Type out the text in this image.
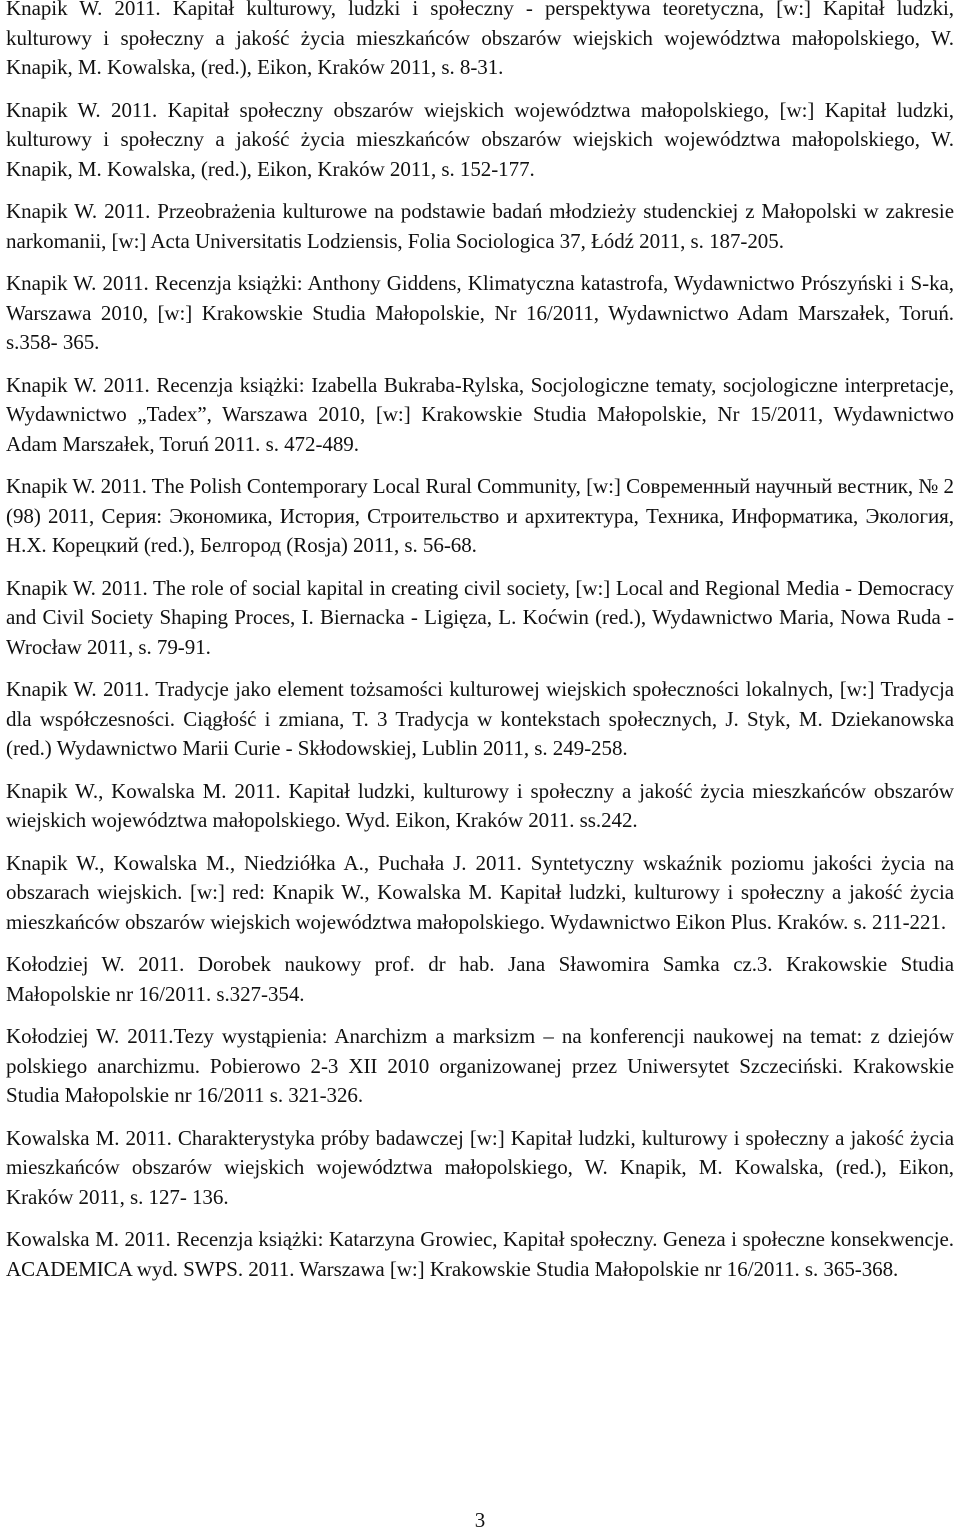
Knapik W. 2011. Kapitał kulturowy, ludzki i społeczny - perspektywa teoretyczna, [w:] Kapitał ludzki, kulturowy i społeczny a jakość życia mieszkańców obszarów wiejskich województwa małopolskiego, W. Knapik, M. Kowalska, (red.), Eikon, Kraków 2011, s. 8-31.
Knapik W. 2011. Kapitał społeczny obszarów wiejskich województwa małopolskiego, [w:] Kapitał ludzki, kulturowy i społeczny a jakość życia mieszkańców obszarów wiejskich województwa małopolskiego, W. Knapik, M. Kowalska, (red.), Eikon, Kraków 2011, s. 152-177.
Knapik W. 2011. Przeobrażenia kulturowe na podstawie badań młodzieży studenckiej z Małopolski w zakresie narkomanii, [w:] Acta Universitatis Lodziensis, Folia Sociologica 37, Łódź 2011, s. 187-205.
Knapik W. 2011. Recenzja książki: Anthony Giddens, Klimatyczna katastrofa, Wydawnictwo Prószyński i S-ka, Warszawa 2010, [w:] Krakowskie Studia Małopolskie, Nr 16/2011, Wydawnictwo Adam Marszałek, Toruń. s.358- 365.
Knapik W. 2011. Recenzja książki: Izabella Bukraba-Rylska, Socjologiczne tematy, socjologiczne interpretacje, Wydawnictwo „Tadex”, Warszawa 2010, [w:] Krakowskie Studia Małopolskie, Nr 15/2011, Wydawnictwo Adam Marszałek, Toruń 2011. s. 472-489.
Knapik W. 2011. The Polish Contemporary Local Rural Community, [w:] Современный научный вестник, № 2 (98) 2011, Серия: Экономика, История, Строительство и архитектура, Техника, Информатика, Экология, Н.Х. Корецкий (red.), Белгород (Rosja) 2011, s. 56-68.
Knapik W. 2011. The role of social kapital in creating civil society, [w:] Local and Regional Media - Democracy and Civil Society Shaping Proces, I. Biernacka - Ligięza, L. Koćwin (red.), Wydawnictwo Maria, Nowa Ruda - Wrocław 2011, s. 79-91.
Knapik W. 2011. Tradycje jako element tożsamości kulturowej wiejskich społeczności lokalnych, [w:] Tradycja dla współczesności. Ciągłość i zmiana, T. 3 Tradycja w kontekstach społecznych, J. Styk, M. Dziekanowska (red.) Wydawnictwo Marii Curie - Skłodowskiej, Lublin 2011, s. 249-258.
Knapik W., Kowalska M. 2011. Kapitał ludzki, kulturowy i społeczny a jakość życia mieszkańców obszarów wiejskich województwa małopolskiego. Wyd. Eikon, Kraków 2011. ss.242.
Knapik W., Kowalska M., Niedziółka A., Puchała J. 2011. Syntetyczny wskaźnik poziomu jakości życia na obszarach wiejskich. [w:] red: Knapik W., Kowalska M. Kapitał ludzki, kulturowy i społeczny a jakość życia mieszkańców obszarów wiejskich województwa małopolskiego. Wydawnictwo Eikon Plus. Kraków. s. 211-221.
Kołodziej W. 2011. Dorobek naukowy prof. dr hab. Jana Sławomira Samka cz.3. Krakowskie Studia Małopolskie nr 16/2011. s.327-354.
Kołodziej W. 2011.Tezy wystąpienia: Anarchizm a marksizm – na konferencji naukowej na temat: z dziejów polskiego anarchizmu. Pobierowo 2-3 XII 2010 organizowanej przez Uniwersytet Szczeciński. Krakowskie Studia Małopolskie nr 16/2011 s. 321-326.
Kowalska M. 2011. Charakterystyka próby badawczej [w:] Kapitał ludzki, kulturowy i społeczny a jakość życia mieszkańców obszarów wiejskich województwa małopolskiego, W. Knapik, M. Kowalska, (red.), Eikon, Kraków 2011, s. 127- 136.
Kowalska M. 2011. Recenzja książki: Katarzyna Growiec, Kapitał społeczny. Geneza i społeczne konsekwencje. ACADEMICA wyd. SWPS. 2011. Warszawa [w:] Krakowskie Studia Małopolskie nr 16/2011. s. 365-368.
3
